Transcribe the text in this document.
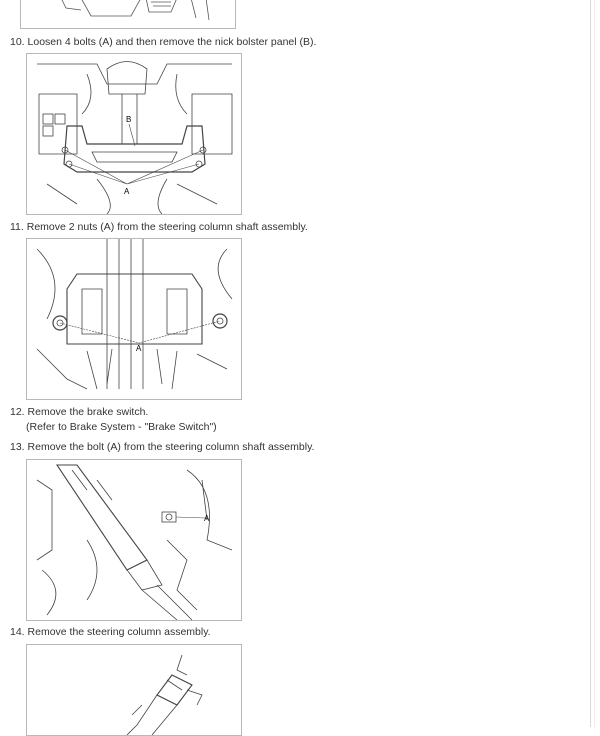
10. Loosen 4 bolts (A) and then remove the nick bolster panel (B).
A
B
11. Remove 2 nuts (A) from the steering column shaft assembly.
A
12. Remove the brake switch.
(Refer to Brake System - "Brake Switch")
13. Remove the bolt (A) from the steering column shaft assembly.
A
14. Remove the steering column assembly.
